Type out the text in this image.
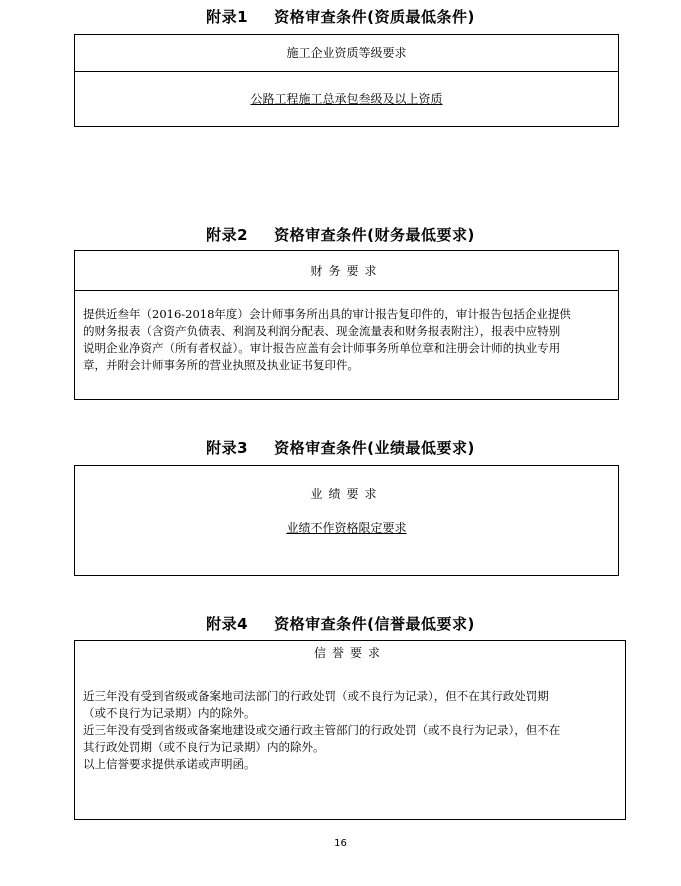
附录1 资格审查条件(资质最低条件)
施工企业资质等级要求
公路工程施工总承包叁级及以上资质
附录2 资格审查条件(财务最低要求)
财务要求
提供近叁年（2016-2018年度）会计师事务所出具的审计报告复印件的，审计报告包括企业提供
的财务报表（含资产负债表、利润及利润分配表、现金流量表和财务报表附注），报表中应特别
说明企业净资产（所有者权益）。审计报告应盖有会计师事务所单位章和注册会计师的执业专用
章，并附会计师事务所的营业执照及执业证书复印件。
附录3 资格审查条件(业绩最低要求)
业绩要求
业绩不作资格限定要求
附录4 资格审查条件(信誉最低要求)
信誉要求
近三年没有受到省级或备案地司法部门的行政处罚（或不良行为记录），但不在其行政处罚期
（或不良行为记录期）内的除外。
近三年没有受到省级或备案地建设或交通行政主管部门的行政处罚（或不良行为记录），但不在
其行政处罚期（或不良行为记录期）内的除外。
以上信誉要求提供承诺或声明函。
16
